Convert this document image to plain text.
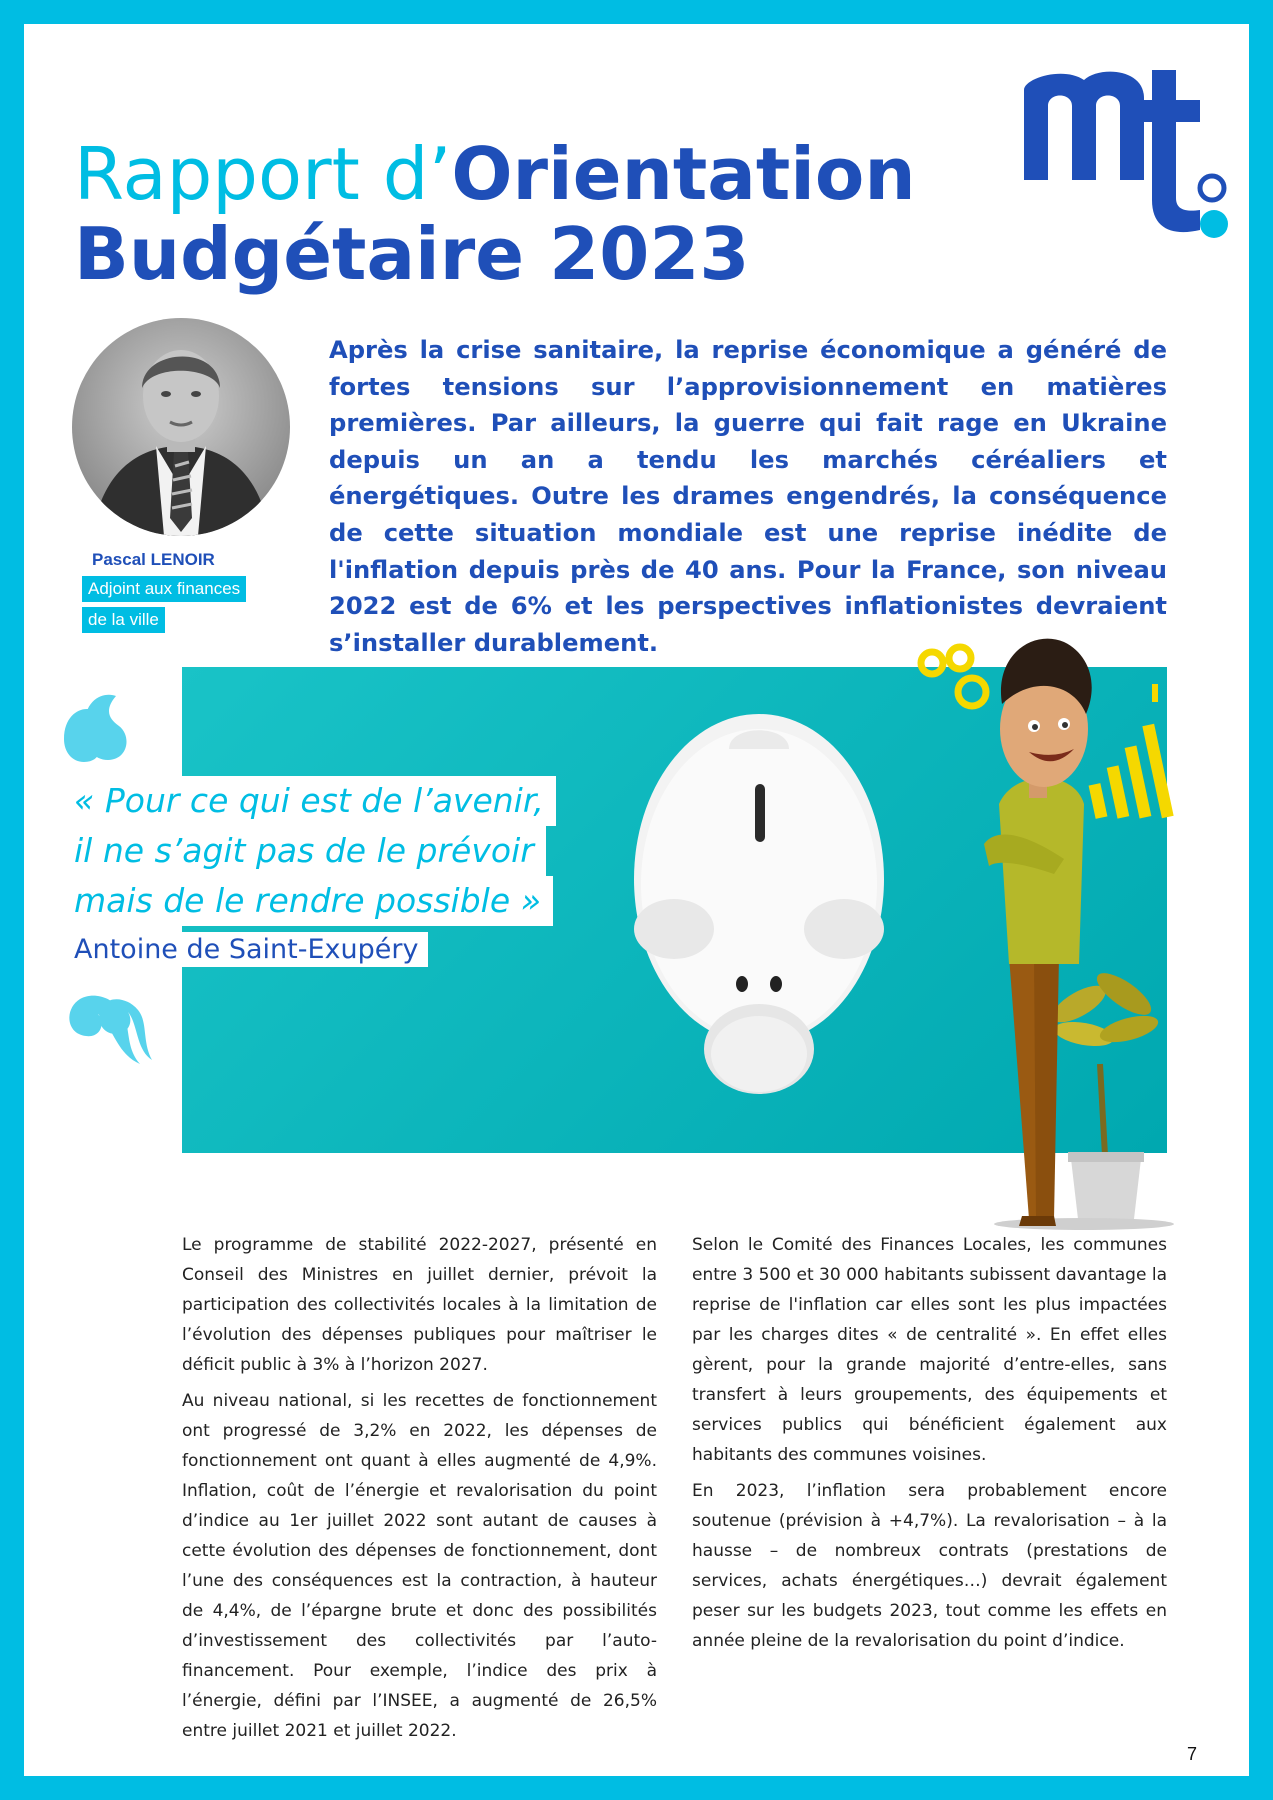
Rapport d’Orientation
Budgétaire 2023
Pascal LENOIR
Adjoint aux finances
de la ville

Après la crise sanitaire, la reprise économique a généré de fortes tensions sur l’approvisionnement en matières premières. Par ailleurs, la guerre qui fait rage en Ukraine depuis un an a tendu les marchés céréaliers et énergétiques. Outre les drames engendrés, la conséquence de cette situation mondiale est une reprise inédite de l'inflation depuis près de 40 ans. Pour la France, son niveau 2022 est de 6% et les perspectives inflationistes devraient s’installer durablement.

« Pour ce qui est de l’avenir,
il ne s’agit pas de le prévoir
mais de le rendre possible »

Antoine de Saint-Exupéry

Le programme de stabilité 2022-2027, présenté en Conseil des Ministres en juillet dernier, prévoit la participation des collectivités locales à la limitation de l’évolution des dépenses publiques pour maîtriser le déficit public à 3% à l’horizon 2027.

Au niveau national, si les recettes de fonctionnement ont progressé de 3,2% en 2022, les dépenses de fonctionnement ont quant à elles augmenté de 4,9%. Inflation, coût de l’énergie et revalorisation du point d’indice au 1er juillet 2022 sont autant de causes à cette évolution des dépenses de fonctionnement, dont l’une des conséquences est la contraction, à hauteur de 4,4%, de l’épargne brute et donc des possibilités d’investissement des collectivités par l’auto-financement. Pour exemple, l’indice des prix à l’énergie, défini par l’INSEE, a augmenté de 26,5% entre juillet 2021 et juillet 2022.

Selon le Comité des Finances Locales, les communes entre 3 500 et 30 000 habitants subissent davantage la reprise de l'inflation car elles sont les plus impactées par les charges dites « de centralité ». En effet elles gèrent, pour la grande majorité d’entre-elles, sans transfert à leurs groupements, des équipements et services publics qui bénéficient également aux habitants des communes voisines.

En 2023, l’inflation sera probablement encore soutenue (prévision à +4,7%). La revalorisation – à la hausse – de nombreux contrats (prestations de services, achats énergétiques…) devrait également peser sur les budgets 2023, tout comme les effets en année pleine de la revalorisation du point d’indice.

7
